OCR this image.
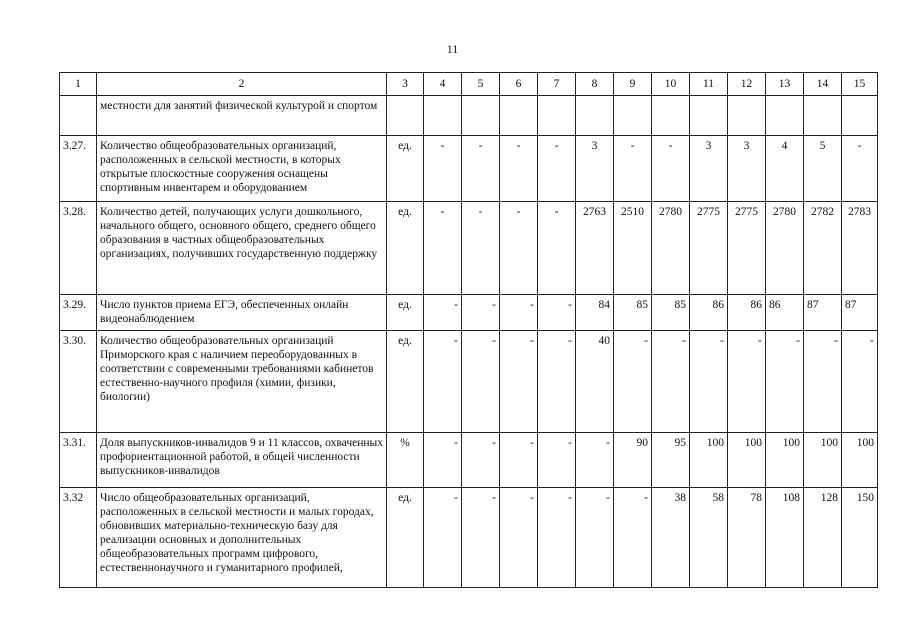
11
1	2	3	4	5	6	7	8	9	10	11	12	13	14	15
	местности для занятий физической культурой и спортом													
3.27.	Количество общеобразовательных организаций, расположенных в сельской местности, в которых открытые плоскостные сооружения оснащены спортивным инвентарем и оборудованием	ед.	-	-	-	-	3	-	-	3	3	4	5	-
3.28.	Количество детей, получающих услуги дошкольного, начального общего, основного общего, среднего общего образования в частных общеобразовательных организациях, получивших государственную поддержку	ед.	-	-	-	-	2763	2510	2780	2775	2775	2780	2782	2783
3.29.	Число пунктов приема ЕГЭ, обеспеченных онлайн видеонаблюдением	ед.	-	-	-	-	84	85	85	86	86	86	87	87
3.30.	Количество общеобразовательных организаций Приморского края с наличием переоборудованных в соответствии с современными требованиями кабинетов естественно-научного профиля (химии, физики, биологии)	ед.	-	-	-	-	40	-	-	-	-	-	-	-
3.31.	Доля выпускников-инвалидов 9 и 11 классов, охваченных профориентационной работой, в общей численности выпускников-инвалидов	%	-	-	-	-	-	90	95	100	100	100	100	100
3.32	Число общеобразовательных организаций, расположенных в сельской местности и малых городах, обновивших материально-техническую базу для реализации основных и дополнительных общеобразовательных программ цифрового, естественнонаучного и гуманитарного профилей,	ед.	-	-	-	-	-	-	38	58	78	108	128	150
